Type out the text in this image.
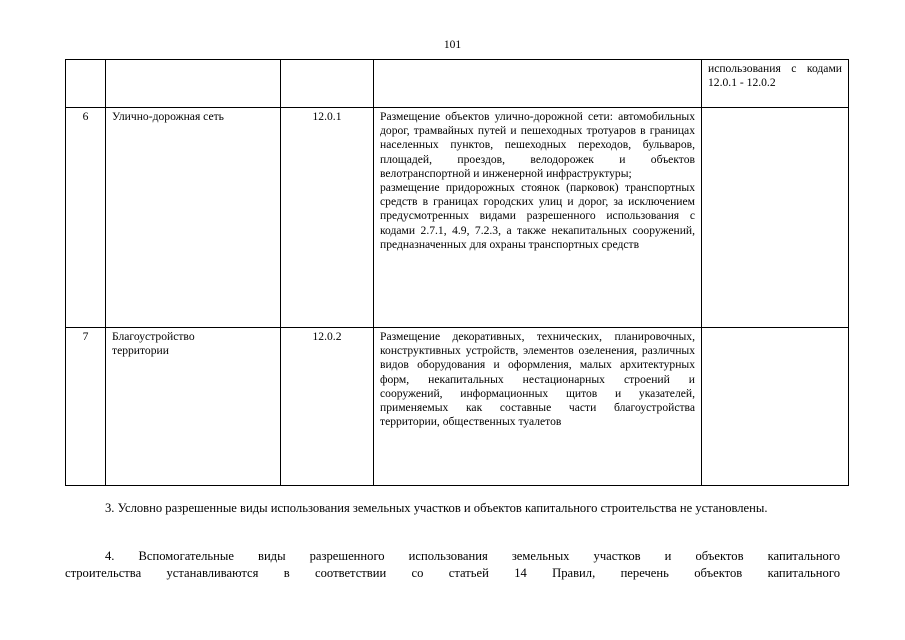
101
				использования с кодами 12.0.1 - 12.0.2
6	Улично-дорожная сеть	12.0.1	Размещение объектов улично-дорожной сети: автомобильных дорог, трамвайных путей и пешеходных тротуаров в границах населенных пунктов, пешеходных переходов, бульваров, площадей, проездов, велодорожек и объектов велотранспортной и инженерной инфраструктуры;
размещение придорожных стоянок (парковок) транспортных средств в границах городских улиц и дорог, за исключением предусмотренных видами разрешенного использования с кодами 2.7.1, 4.9, 7.2.3, а также некапитальных сооружений, предназначенных для охраны транспортных средств	

7	Благоустройство территории	12.0.2	Размещение декоративных, технических, планировочных, конструктивных устройств, элементов озеленения, различных видов оборудования и оформления, малых архитектурных форм, некапитальных нестационарных строений и сооружений, информационных щитов и указателей, применяемых как составные части благоустройства территории, общественных туалетов	
3. Условно разрешенные виды использования земельных участков и объектов капитального строительства не установлены.
4. Вспомогательные виды разрешенного использования земельных участков и объектов капитального
строительства устанавливаются в соответствии со статьей 14 Правил, перечень объектов капитального
